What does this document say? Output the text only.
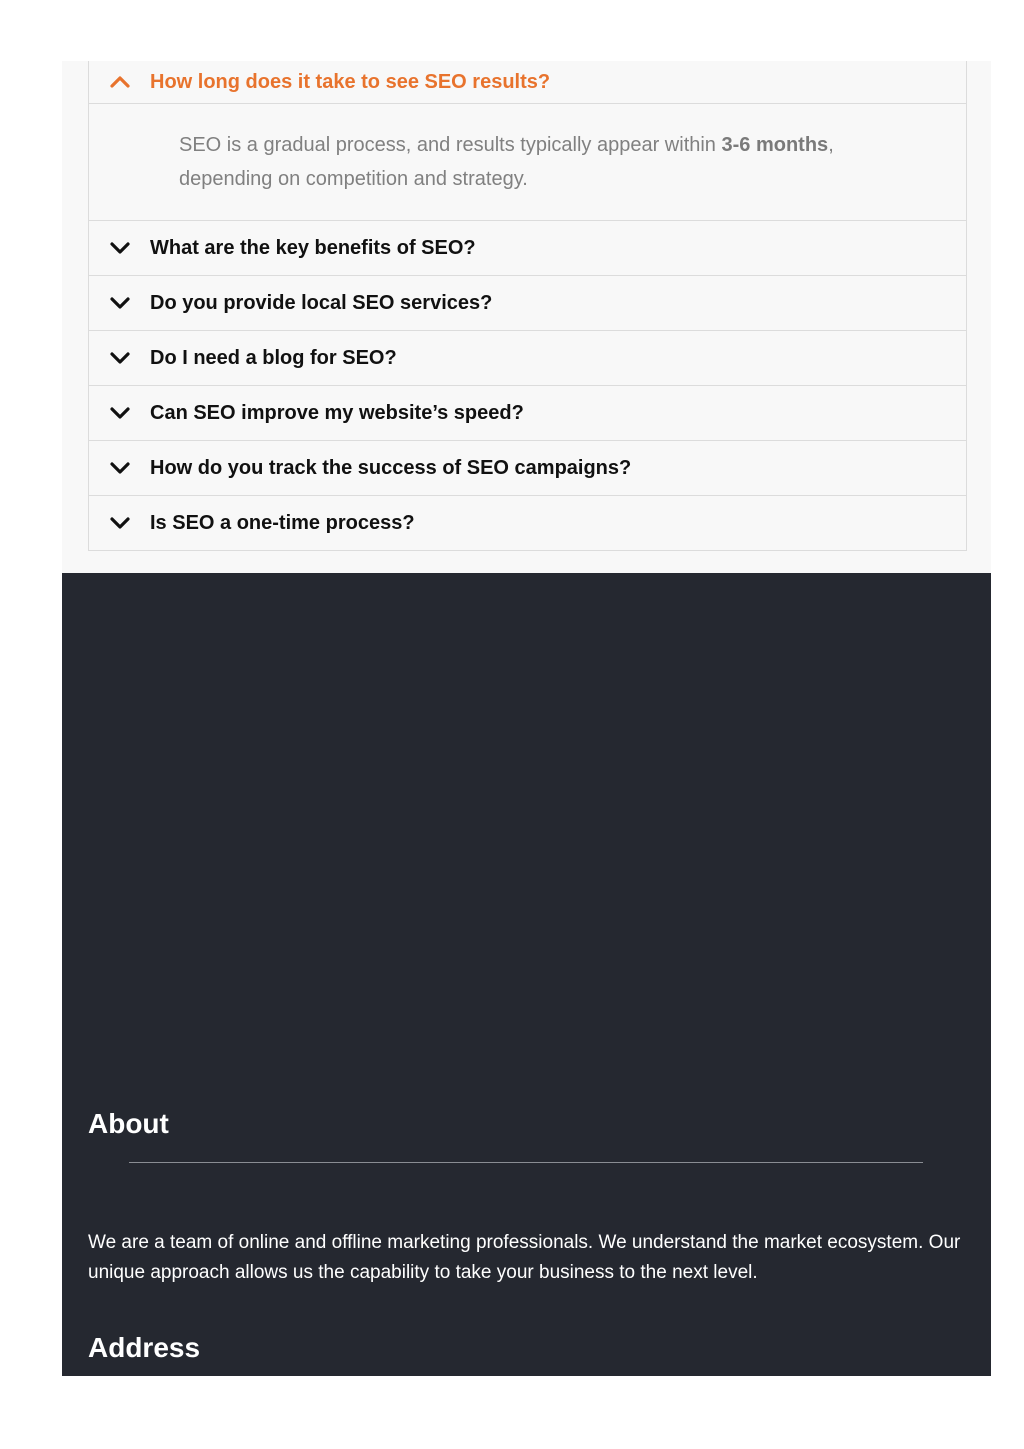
How long does it take to see SEO results?
SEO is a gradual process, and results typically appear within 3-6 months, depending on competition and strategy.
What are the key benefits of SEO?
Do you provide local SEO services?
Do I need a blog for SEO?
Can SEO improve my website’s speed?
How do you track the success of SEO campaigns?
Is SEO a one-time process?
About

We are a team of online and offline marketing professionals. We understand the market ecosystem. Our unique approach allows us the capability to take your business to the next level.

Address
